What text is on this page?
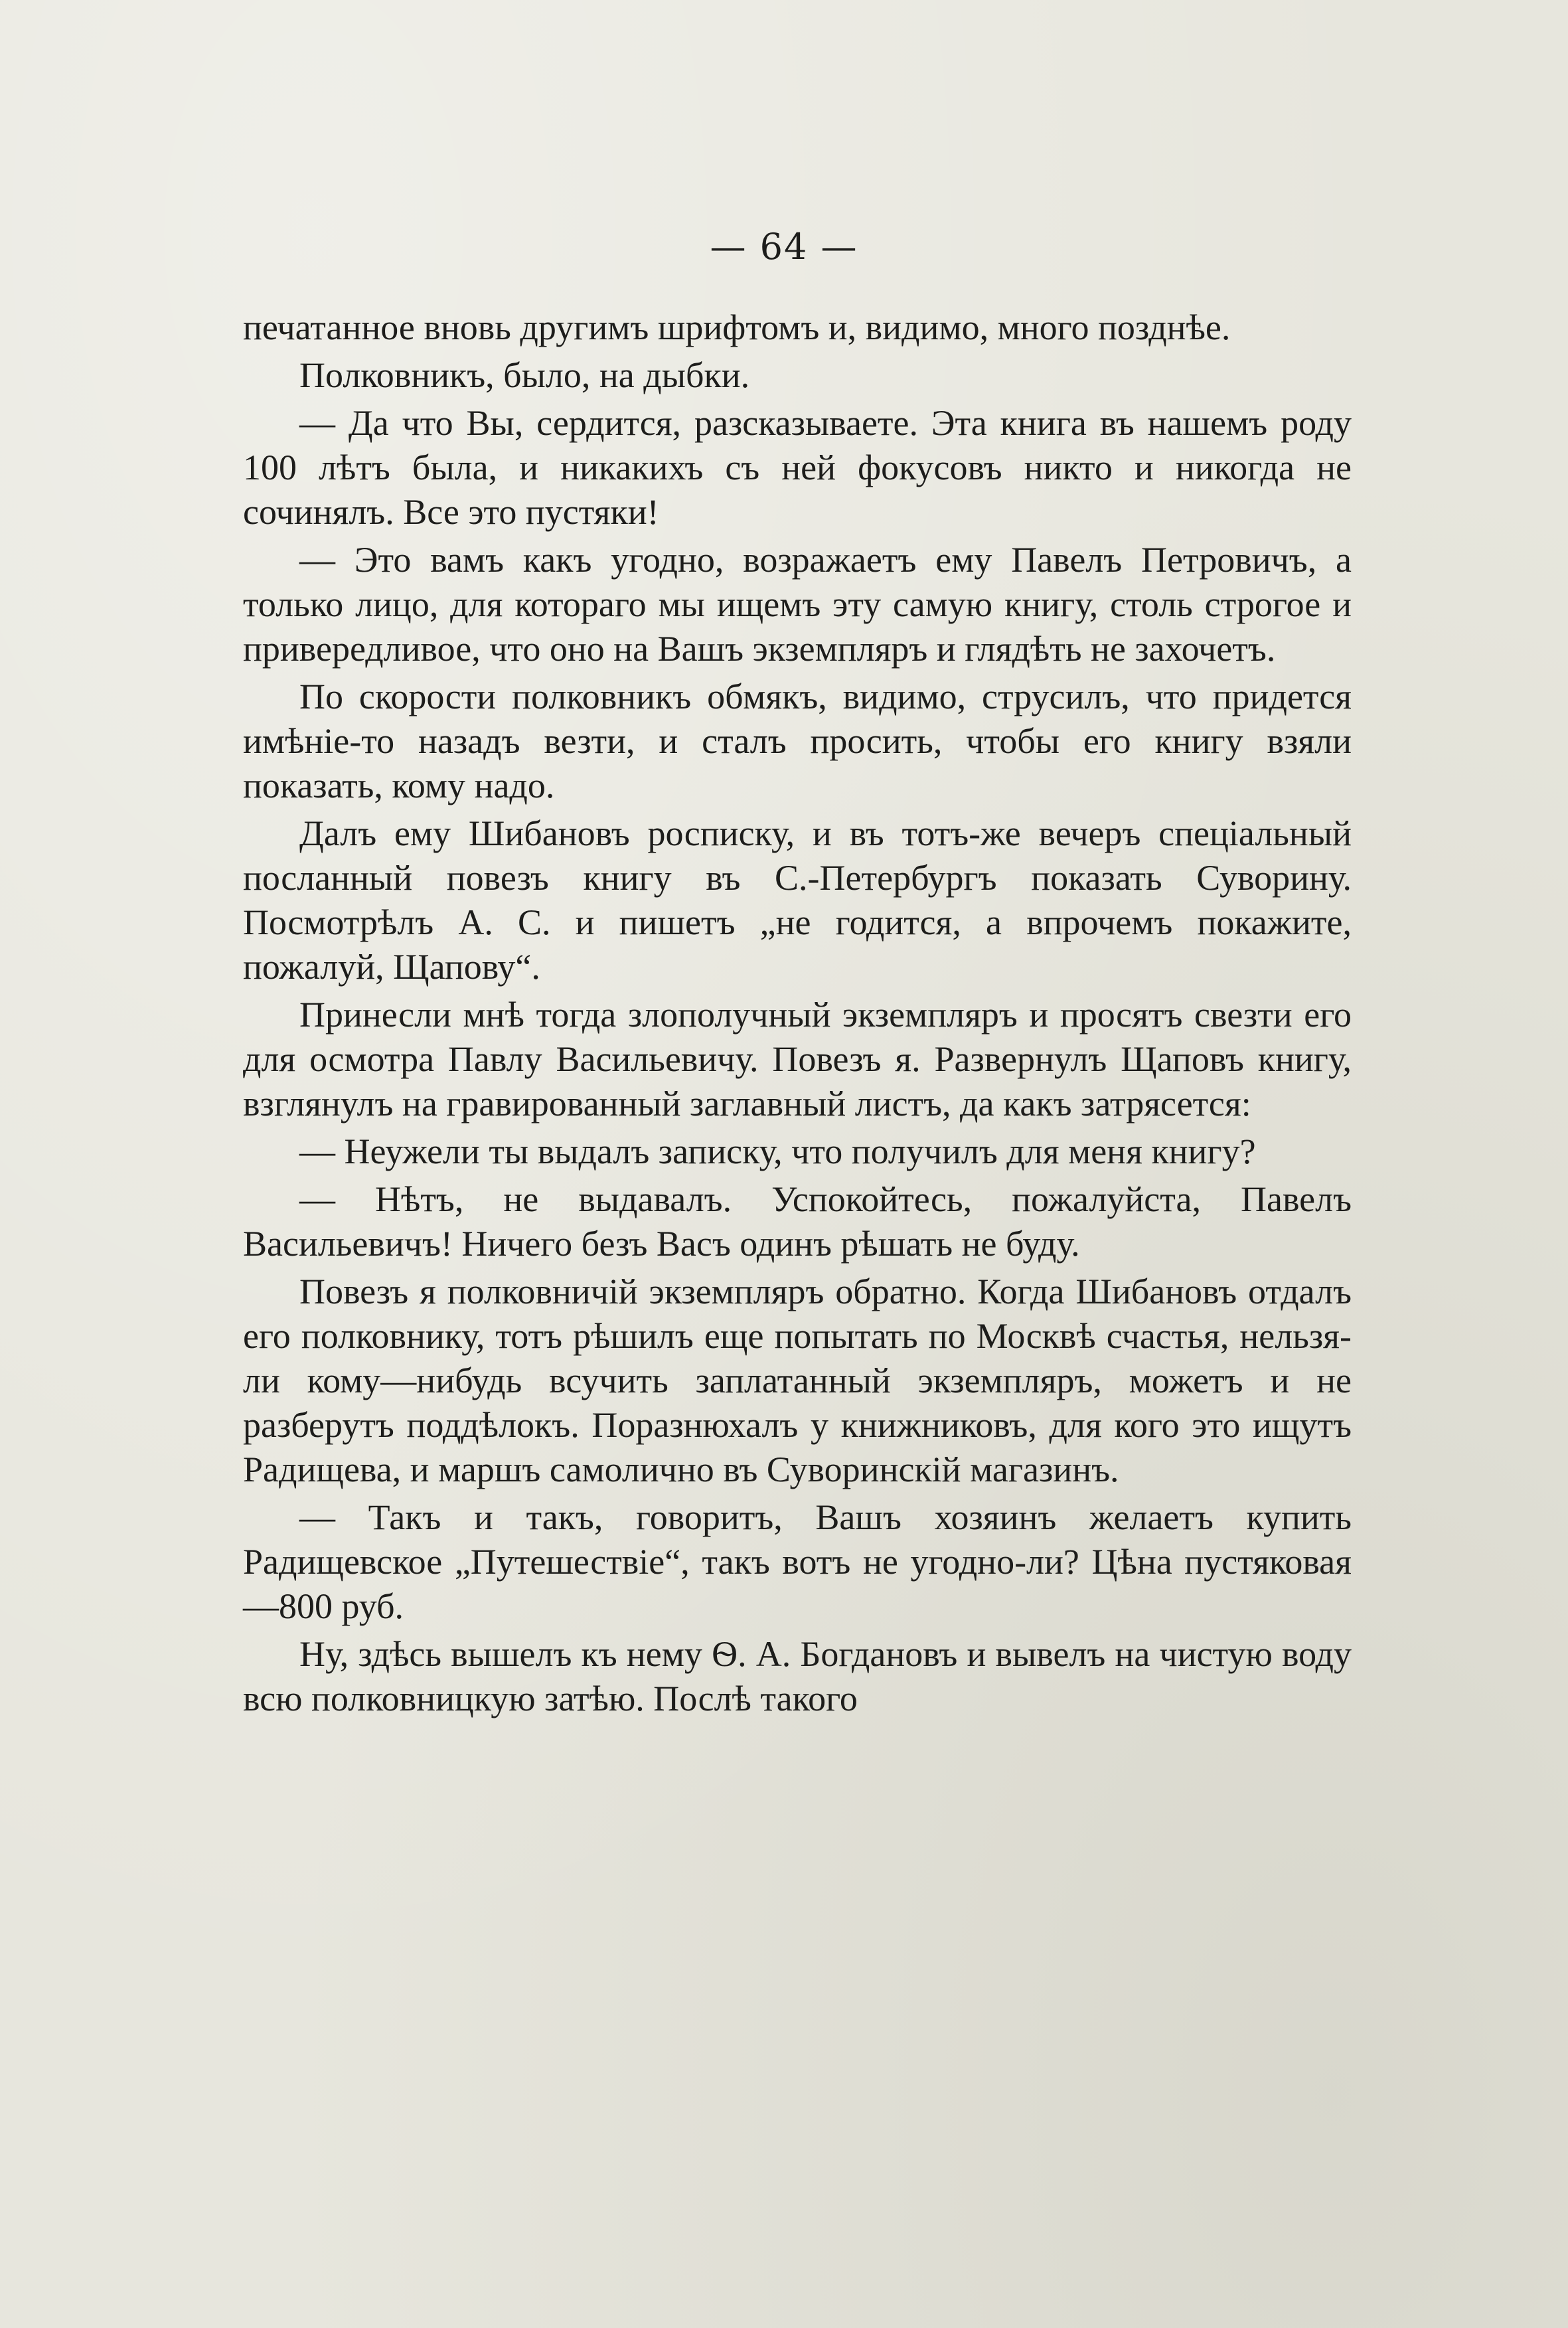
— 64 —

печатанное вновь другимъ шрифтомъ и, видимо, много позднѣе.

Полковникъ, было, на дыбки.

— Да что Вы, сердится, разсказываете. Эта книга въ нашемъ роду 100 лѣтъ была, и никакихъ съ ней фокусовъ никто и никогда не сочинялъ. Все это пустяки!

— Это вамъ какъ угодно, возражаетъ ему Павелъ Петровичъ, а только лицо, для котораго мы ищемъ эту самую книгу, столь строгое и привередливое, что оно на Вашъ экземпляръ и глядѣть не захочетъ.

По скорости полковникъ обмякъ, видимо, струсилъ, что придется имѣніе-то назадъ везти, и сталъ просить, чтобы его книгу взяли показать, кому надо.

Далъ ему Шибановъ росписку, и въ тотъ-же вечеръ спеціальный посланный повезъ книгу въ С.-Петербургъ показать Суворину. Посмотрѣлъ А. С. и пишетъ „не годится, а впрочемъ покажите, пожалуй, Щапову“.

Принесли мнѣ тогда злополучный экземпляръ и просятъ свезти его для осмотра Павлу Васильевичу. Повезъ я. Развернулъ Щаповъ книгу, взглянулъ на гравированный заглавный листъ, да какъ затрясется:

— Неужели ты выдалъ записку, что получилъ для меня книгу?

— Нѣтъ, не выдавалъ. Успокойтесь, пожалуйста, Павелъ Васильевичъ! Ничего безъ Васъ одинъ рѣшать не буду.

Повезъ я полковничій экземпляръ обратно. Когда Шибановъ отдалъ его полковнику, тотъ рѣшилъ еще попытать по Москвѣ счастья, нельзя-ли кому—нибудь всучить заплатанный экземпляръ, можетъ и не разберутъ поддѣлокъ. Поразнюхалъ у книжниковъ, для кого это ищутъ Радищева, и маршъ самолично въ Суворинскій магазинъ.

— Такъ и такъ, говоритъ, Вашъ хозяинъ желаетъ купить Радищевское „Путешествіе“, такъ вотъ не угодно-ли? Цѣна пустяковая—800 руб.

Ну, здѣсь вышелъ къ нему Ѳ. А. Богдановъ и вывелъ на чистую воду всю полковницкую затѣю. Послѣ такого
